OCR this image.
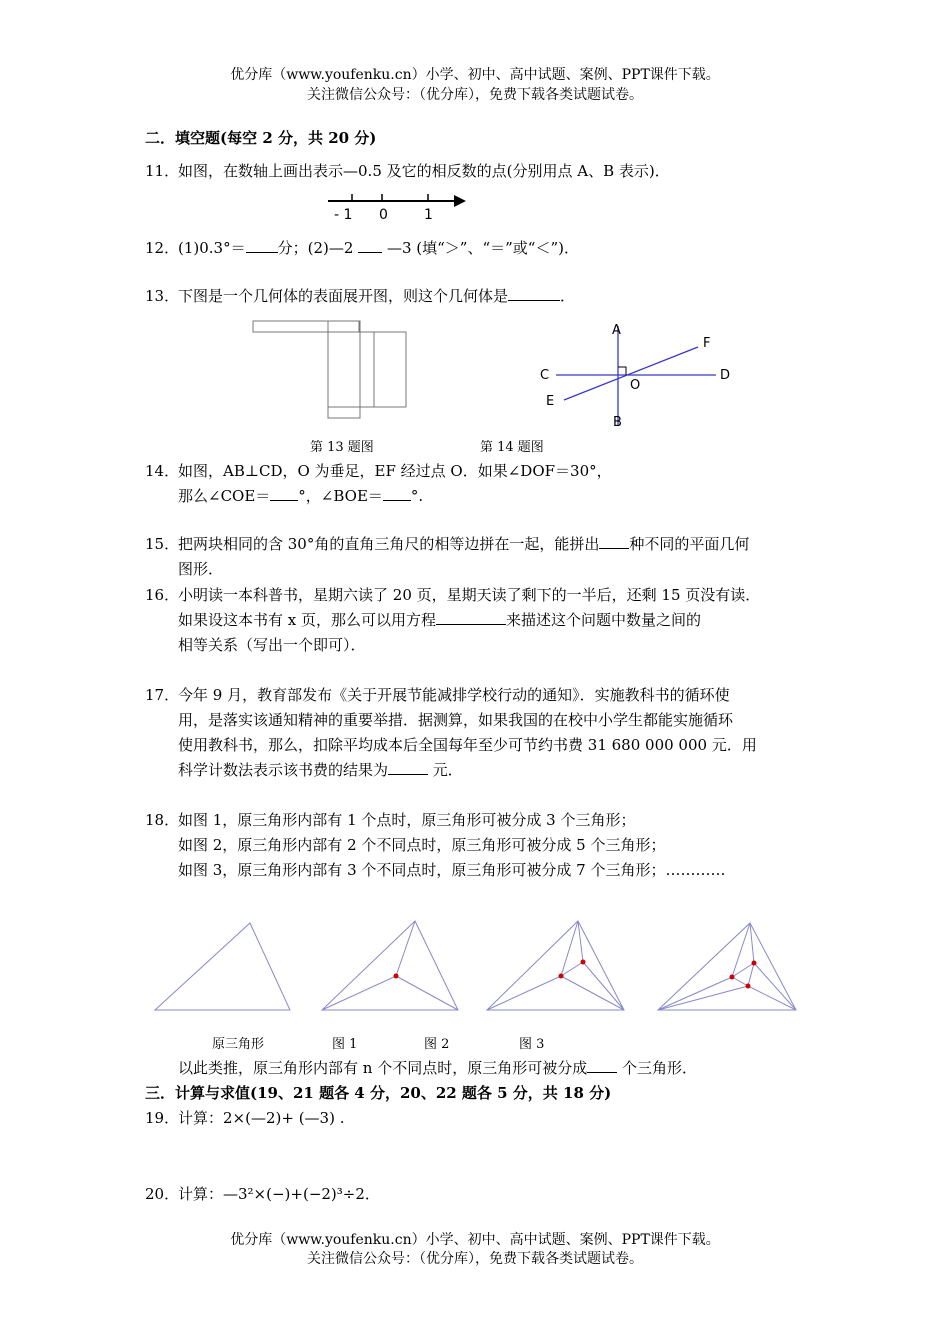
优分库（www.youfenku.cn）小学、初中、高中试题、案例、PPT课件下载。
关注微信公众号：（优分库），免费下载各类试题试卷。
二．填空题(每空 2 分，共 20 分)
11．
如图，在数轴上画出表示—0.5 及它的相反数的点(分别用点 A、B 表示)．
- 1 0	1
12．
(1)0.3°＝ 分；(2)—2 —3 (填“＞”、“＝”或“＜”)．
13．
下图是一个几何体的表面展开图，则这个几何体是	．
第 13 题图
A
F
C	D
O
E
B
第 14 题图
14．
如图，AB⊥CD，O 为垂足，EF 经过点 O．如果∠DOF＝30°，
那么∠COE＝ °，∠BOE＝ °.
15．
把两块相同的含 30°角的直角三角尺的相等边拼在一起，能拼出 种不同的平面几何
图形．
16．
小明读一本科普书，星期六读了 20 页，星期天读了剩下的一半后，还剩 15 页没有读．
如果设这本书有 x 页，那么可以用方程	来描述这个问题中数量之间的
相等关系（写出一个即可）．
17．
今年 9 月，教育部发布《关于开展节能减排学校行动的通知》．实施教科书的循环使
用，是落实该通知精神的重要举措．据测算，如果我国的在校中小学生都能实施循环
使用教科书，那么，扣除平均成本后全国每年至少可节约书费 31 680 000 000 元．用
科学计数法表示该书费的结果为	元．
18．
如图 1，原三角形内部有 1 个点时，原三角形可被分成 3 个三角形；
如图 2，原三角形内部有 2 个不同点时，原三角形可被分成 5 个三角形；
如图 3，原三角形内部有 3 个不同点时，原三角形可被分成 7 个三角形；…………
原三角形	图 1	图 2	图 3
以此类推，原三角形内部有 n 个不同点时，原三角形可被分成 个三角形．
三．计算与求值(19、21 题各 4 分，20、22 题各 5 分，共 18 分)
19．
计算：2×(—2)+ (—3) .
20．
计算：—3²×(−)+(−2)³÷2．
优分库（www.youfenku.cn）小学、初中、高中试题、案例、PPT课件下载。
关注微信公众号：（优分库），免费下载各类试题试卷。
